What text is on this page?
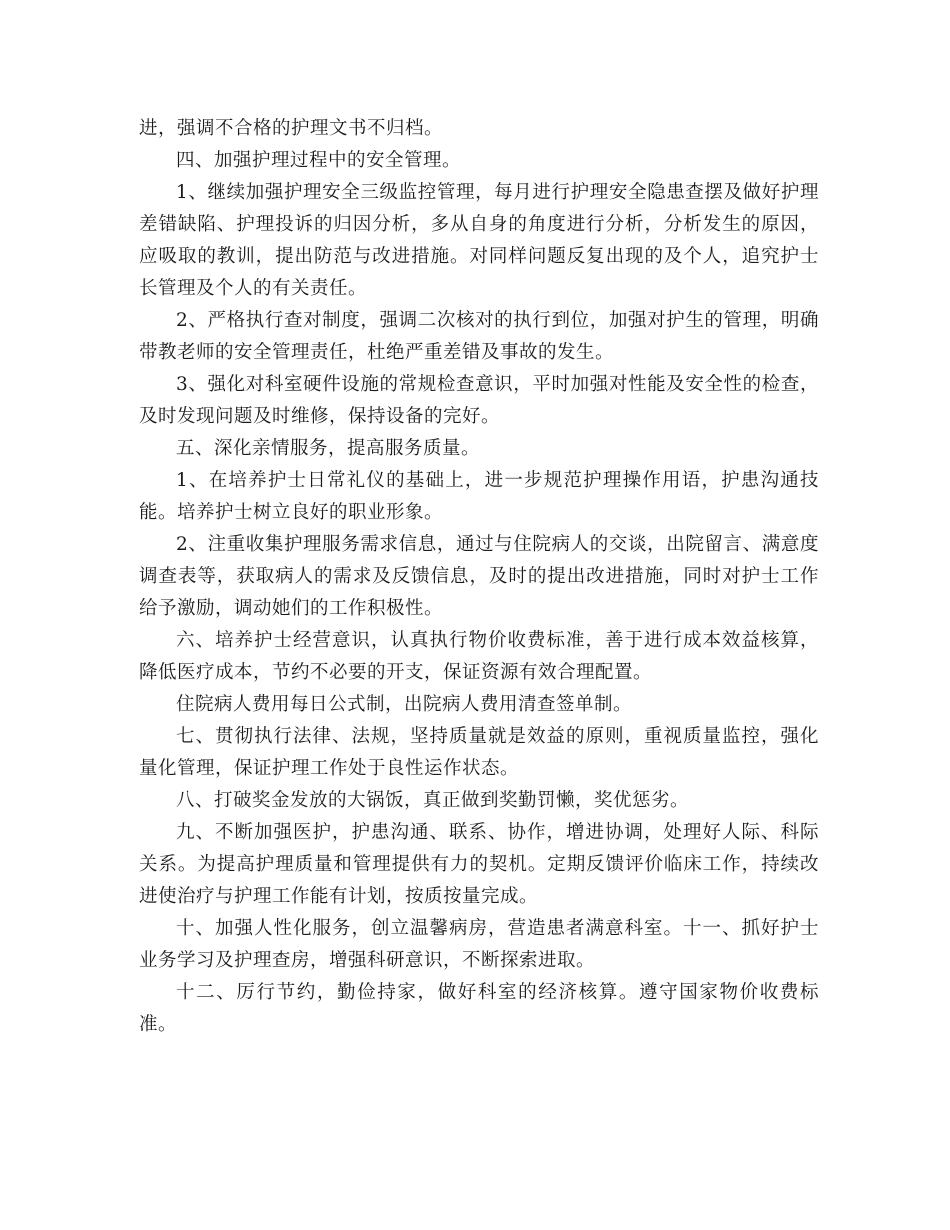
进，强调不合格的护理文书不归档。

四、加强护理过程中的安全管理。

1、继续加强护理安全三级监控管理，每月进行护理安全隐患查摆及做好护理差错缺陷、护理投诉的归因分析，多从自身的角度进行分析，分析发生的原因，应吸取的教训，提出防范与改进措施。对同样问题反复出现的及个人，追究护士长管理及个人的有关责任。

2、严格执行查对制度，强调二次核对的执行到位，加强对护生的管理，明确带教老师的安全管理责任，杜绝严重差错及事故的发生。

3、强化对科室硬件设施的常规检查意识，平时加强对性能及安全性的检查，及时发现问题及时维修，保持设备的完好。

五、深化亲情服务，提高服务质量。

1、在培养护士日常礼仪的基础上，进一步规范护理操作用语，护患沟通技能。培养护士树立良好的职业形象。

2、注重收集护理服务需求信息，通过与住院病人的交谈，出院留言、满意度调查表等，获取病人的需求及反馈信息，及时的提出改进措施，同时对护士工作给予激励，调动她们的工作积极性。

六、培养护士经营意识，认真执行物价收费标准，善于进行成本效益核算，降低医疗成本，节约不必要的开支，保证资源有效合理配置。

住院病人费用每日公式制，出院病人费用清查签单制。

七、贯彻执行法律、法规，坚持质量就是效益的原则，重视质量监控，强化量化管理，保证护理工作处于良性运作状态。

八、打破奖金发放的大锅饭，真正做到奖勤罚懒，奖优惩劣。

九、不断加强医护，护患沟通、联系、协作，增进协调，处理好人际、科际关系。为提高护理质量和管理提供有力的契机。定期反馈评价临床工作，持续改进使治疗与护理工作能有计划，按质按量完成。

十、加强人性化服务，创立温馨病房，营造患者满意科室。十一、抓好护士业务学习及护理查房，增强科研意识，不断探索进取。

十二、厉行节约，勤俭持家，做好科室的经济核算。遵守国家物价收费标准。
